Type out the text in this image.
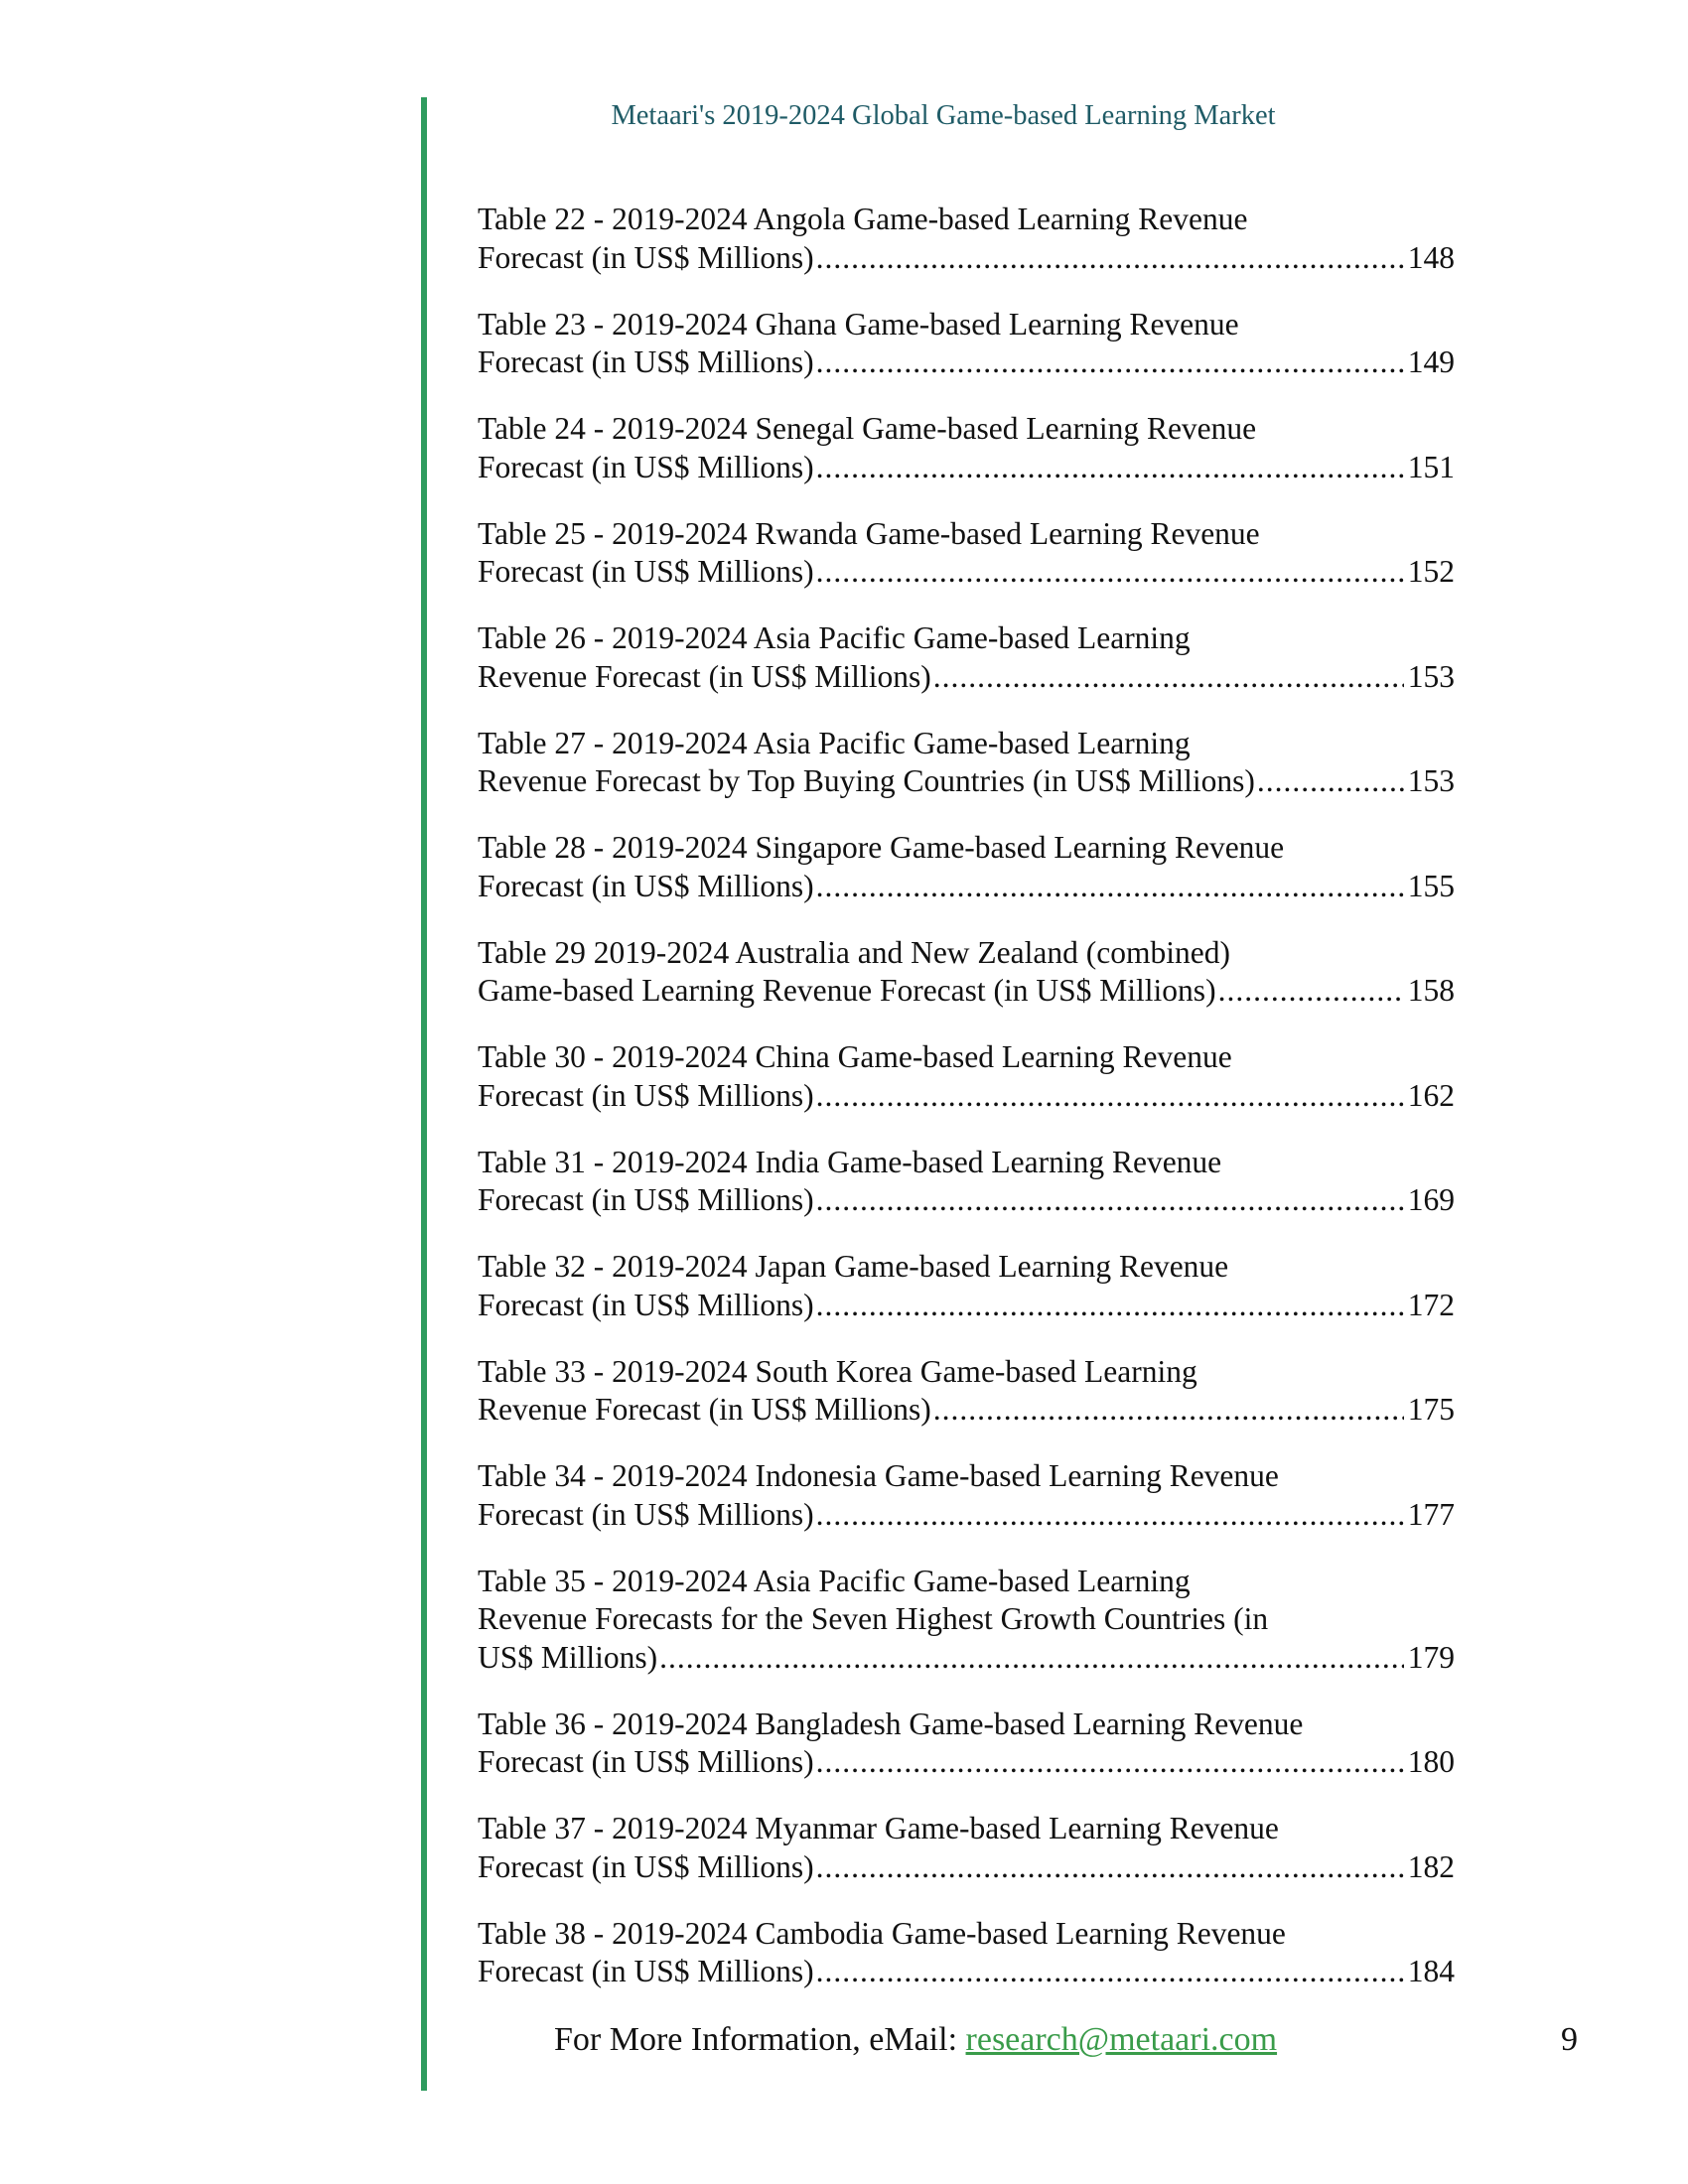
Metaari's 2019-2024 Global Game-based Learning Market
Table 22 - 2019-2024 Angola Game-based Learning Revenue
Forecast (in US$ Millions) .....	148
Table 23 - 2019-2024 Ghana Game-based Learning Revenue
Forecast (in US$ Millions) .....	149
Table 24 - 2019-2024 Senegal Game-based Learning Revenue
Forecast (in US$ Millions) .....	151
Table 25 - 2019-2024 Rwanda Game-based Learning Revenue
Forecast (in US$ Millions) .....	152
Table 26 - 2019-2024 Asia Pacific Game-based Learning
Revenue Forecast (in US$ Millions) .....	153
Table 27 - 2019-2024 Asia Pacific Game-based Learning
Revenue Forecast by Top Buying Countries (in US$ Millions) .....	153
Table 28 - 2019-2024 Singapore Game-based Learning Revenue
Forecast (in US$ Millions) .....	155
Table 29 2019-2024 Australia and New Zealand (combined)
Game-based Learning Revenue Forecast (in US$ Millions) .....	158
Table 30 - 2019-2024 China Game-based Learning Revenue
Forecast (in US$ Millions) .....	162
Table 31 - 2019-2024 India Game-based Learning Revenue
Forecast (in US$ Millions) .....	169
Table 32 - 2019-2024 Japan Game-based Learning Revenue
Forecast (in US$ Millions) .....	172
Table 33 - 2019-2024 South Korea Game-based Learning
Revenue Forecast (in US$ Millions) .....	175
Table 34 - 2019-2024 Indonesia Game-based Learning Revenue
Forecast (in US$ Millions) .....	177
Table 35 - 2019-2024 Asia Pacific Game-based Learning
Revenue Forecasts for the Seven Highest Growth Countries (in
US$ Millions) .....	179
Table 36 - 2019-2024 Bangladesh Game-based Learning Revenue
Forecast (in US$ Millions) .....	180
Table 37 - 2019-2024 Myanmar Game-based Learning Revenue
Forecast (in US$ Millions) .....	182
Table 38 - 2019-2024 Cambodia Game-based Learning Revenue
Forecast (in US$ Millions) .....	184
For More Information, eMail: research@metaari.com	9
